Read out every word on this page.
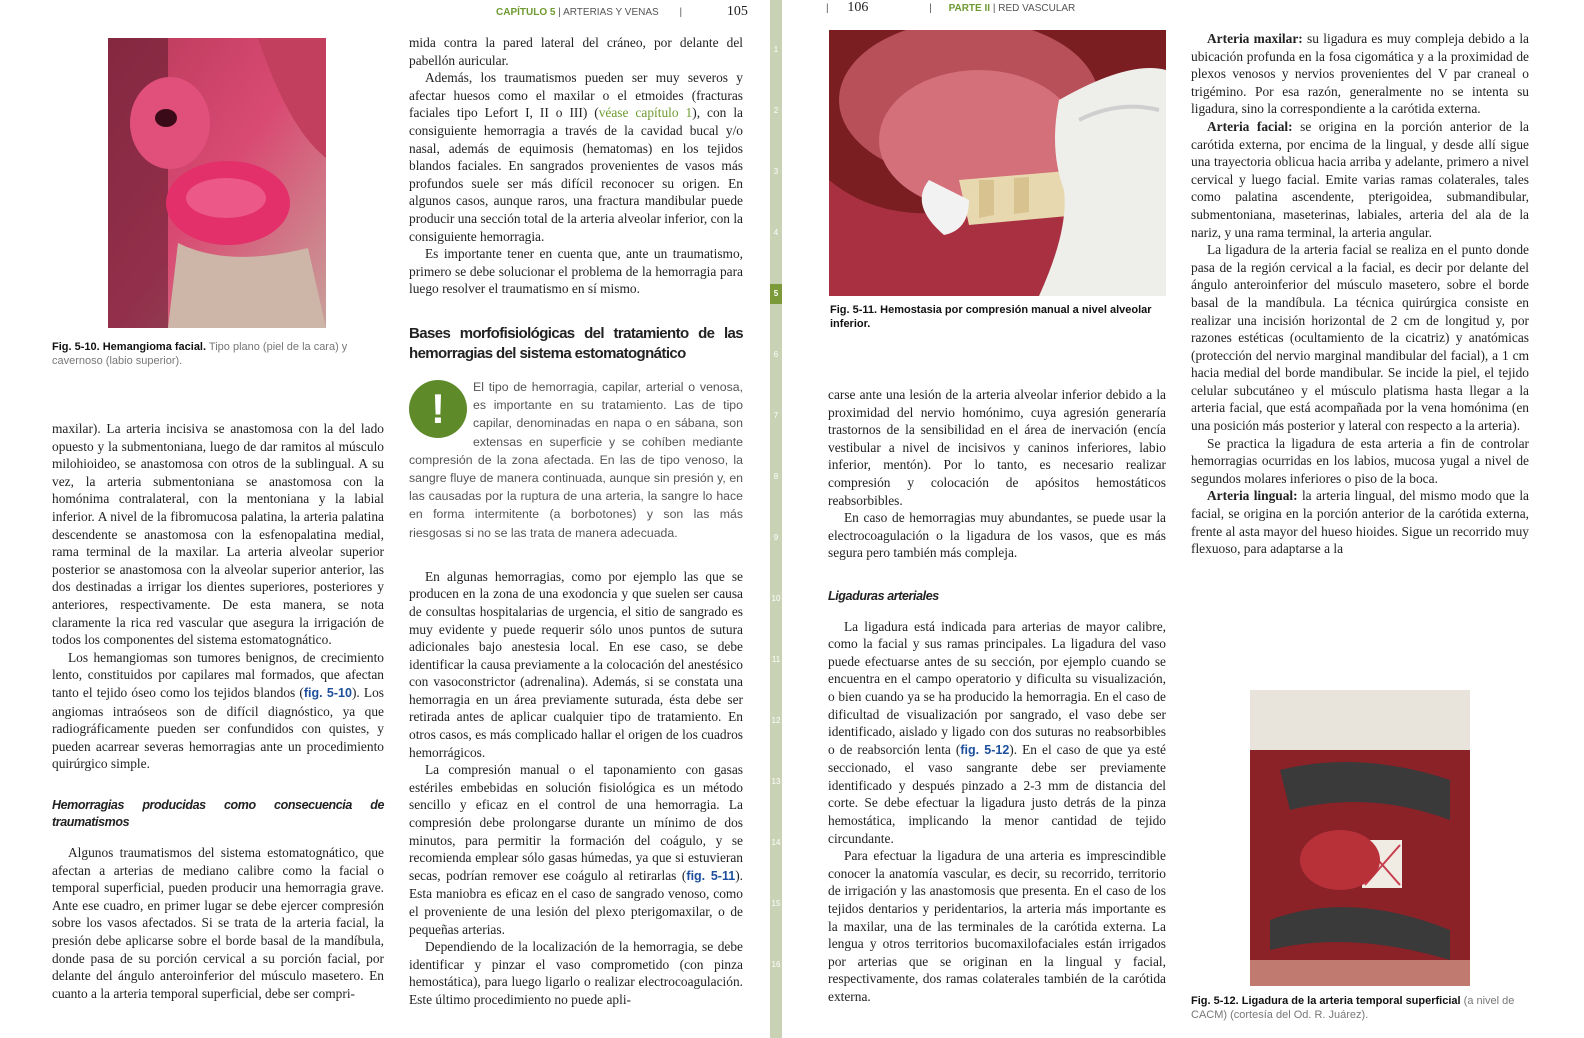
CAPÍTULO 5 | ARTERIAS Y VENAS |	105
Fig. 5-10. Hemangioma facial. Tipo plano (piel de la cara) y cavernoso (labio superior).

maxilar). La arteria incisiva se anastomosa con la del lado opuesto y la submentoniana, luego de dar ramitos al músculo milohioideo, se anastomosa con otros de la sublingual. A su vez, la arteria submentoniana se anastomosa con la homónima contralateral, con la mentoniana y la labial inferior. A nivel de la fibromucosa palatina, la arteria palatina descendente se anastomosa con la esfenopalatina medial, rama terminal de la maxilar. La arteria alveolar superior posterior se anastomosa con la alveolar superior anterior, las dos destinadas a irrigar los dientes superiores, posteriores y anteriores, respectivamente. De esta manera, se nota claramente la rica red vascular que asegura la irrigación de todos los componentes del sistema estomatognático.

Los hemangiomas son tumores benignos, de crecimiento lento, constituidos por capilares mal formados, que afectan tanto el tejido óseo como los tejidos blandos (fig. 5-10). Los angiomas intraóseos son de difícil diagnóstico, ya que radiográficamente pueden ser confundidos con quistes, y pueden acarrear severas hemorragias ante un procedimiento quirúrgico simple.

Hemorragias producidas como consecuencia de traumatismos

Algunos traumatismos del sistema estomatognático, que afectan a arterias de mediano calibre como la facial o temporal superficial, pueden producir una hemorragia grave. Ante ese cuadro, en primer lugar se debe ejercer compresión sobre los vasos afectados. Si se trata de la arteria facial, la presión debe aplicarse sobre el borde basal de la mandíbula, donde pasa de su porción cervical a su porción facial, por delante del ángulo anteroinferior del músculo masetero. En cuanto a la arteria temporal superficial, debe ser compri-

mida contra la pared lateral del cráneo, por delante del pabellón auricular.

Además, los traumatismos pueden ser muy severos y afectar huesos como el maxilar o el etmoides (fracturas faciales tipo Lefort I, II o III) (véase capítulo 1), con la consiguiente hemorragia a través de la cavidad bucal y/o nasal, además de equimosis (hematomas) en los tejidos blandos faciales. En sangrados provenientes de vasos más profundos suele ser más difícil reconocer su origen. En algunos casos, aunque raros, una fractura mandibular puede producir una sección total de la arteria alveolar inferior, con la consiguiente hemorragia.

Es importante tener en cuenta que, ante un traumatismo, primero se debe solucionar el problema de la hemorragia para luego resolver el traumatismo en sí mismo.

Bases morfofisiológicas del tratamiento de las hemorragias del sistema estomatognático
!	El tipo de hemorragia, capilar, arterial o venosa, es importante en su tratamiento. Las de tipo capilar, denominadas en napa o en sábana, son extensas en superficie y se cohíben mediante compresión de la zona afectada. En las de tipo venoso, la sangre fluye de manera continuada, aunque sin presión y, en las causadas por la ruptura de una arteria, la sangre lo hace en forma intermitente (a borbotones) y son las más riesgosas si no se las trata de manera adecuada.

En algunas hemorragias, como por ejemplo las que se producen en la zona de una exodoncia y que suelen ser causa de consultas hospitalarias de urgencia, el sitio de sangrado es muy evidente y puede requerir sólo unos puntos de sutura adicionales bajo anestesia local. En ese caso, se debe identificar la causa previamente a la colocación del anestésico con vasoconstrictor (adrenalina). Además, si se constata una hemorragia en un área previamente suturada, ésta debe ser retirada antes de aplicar cualquier tipo de tratamiento. En otros casos, es más complicado hallar el origen de los cuadros hemorrágicos.

La compresión manual o el taponamiento con gasas estériles embebidas en solución fisiológica es un método sencillo y eficaz en el control de una hemorragia. La compresión debe prolongarse durante un mínimo de dos minutos, para permitir la formación del coágulo, y se recomienda emplear sólo gasas húmedas, ya que si estuvieran secas, podrían remover ese coágulo al retirarlas (fig. 5-11). Esta maniobra es eficaz en el caso de sangrado venoso, como el proveniente de una lesión del plexo pterigomaxilar, o de pequeñas arterias.

Dependiendo de la localización de la hemorragia, se debe identificar y pinzar el vaso comprometido (con pinza hemostática), para luego ligarlo o realizar electrocoagulación. Este último procedimiento no puede apli-

1
2
3
4
5
6
7
8
9
10
11
12
13
14
15
16
| 106	| PARTE II | RED VASCULAR
Fig. 5-11. Hemostasia por compresión manual a nivel alveolar inferior.

carse ante una lesión de la arteria alveolar inferior debido a la proximidad del nervio homónimo, cuya agresión generaría trastornos de la sensibilidad en el área de inervación (encía vestibular a nivel de incisivos y caninos inferiores, labio inferior, mentón). Por lo tanto, es necesario realizar compresión y colocación de apósitos hemostáticos reabsorbibles.

En caso de hemorragias muy abundantes, se puede usar la electrocoagulación o la ligadura de los vasos, que es más segura pero también más compleja.

Ligaduras arteriales

La ligadura está indicada para arterias de mayor calibre, como la facial y sus ramas principales. La ligadura del vaso puede efectuarse antes de su sección, por ejemplo cuando se encuentra en el campo operatorio y dificulta su visualización, o bien cuando ya se ha producido la hemorragia. En el caso de dificultad de visualización por sangrado, el vaso debe ser identificado, aislado y ligado con dos suturas no reabsorbibles o de reabsorción lenta (fig. 5-12). En el caso de que ya esté seccionado, el vaso sangrante debe ser previamente identificado y después pinzado a 2-3 mm de distancia del corte. Se debe efectuar la ligadura justo detrás de la pinza hemostática, implicando la menor cantidad de tejido circundante.

Para efectuar la ligadura de una arteria es imprescindible conocer la anatomía vascular, es decir, su recorrido, territorio de irrigación y las anastomosis que presenta. En el caso de los tejidos dentarios y peridentarios, la arteria más importante es la maxilar, una de las terminales de la carótida externa. La lengua y otros territorios bucomaxilofaciales están irrigados por arterias que se originan en la lingual y facial, respectivamente, dos ramas colaterales también de la carótida externa.

Arteria maxilar: su ligadura es muy compleja debido a la ubicación profunda en la fosa cigomática y a la proximidad de plexos venosos y nervios provenientes del V par craneal o trigémino. Por esa razón, generalmente no se intenta su ligadura, sino la correspondiente a la carótida externa.

Arteria facial: se origina en la porción anterior de la carótida externa, por encima de la lingual, y desde allí sigue una trayectoria oblicua hacia arriba y adelante, primero a nivel cervical y luego facial. Emite varias ramas colaterales, tales como palatina ascendente, pterigoidea, submandibular, submentoniana, maseterinas, labiales, arteria del ala de la nariz, y una rama terminal, la arteria angular.

La ligadura de la arteria facial se realiza en el punto donde pasa de la región cervical a la facial, es decir por delante del ángulo anteroinferior del músculo masetero, sobre el borde basal de la mandíbula. La técnica quirúrgica consiste en realizar una incisión horizontal de 2 cm de longitud y, por razones estéticas (ocultamiento de la cicatriz) y anatómicas (protección del nervio marginal mandibular del facial), a 1 cm hacia medial del borde mandibular. Se incide la piel, el tejido celular subcutáneo y el músculo platisma hasta llegar a la arteria facial, que está acompañada por la vena homónima (en una posición más posterior y lateral con respecto a la arteria).

Se practica la ligadura de esta arteria a fin de controlar hemorragias ocurridas en los labios, mucosa yugal a nivel de segundos molares inferiores o piso de la boca.

Arteria lingual: la arteria lingual, del mismo modo que la facial, se origina en la porción anterior de la carótida externa, frente al asta mayor del hueso hioides. Sigue un recorrido muy flexuoso, para adaptarse a la

Fig. 5-12. Ligadura de la arteria temporal superficial (a nivel de CACM) (cortesía del Od. R. Juárez).
